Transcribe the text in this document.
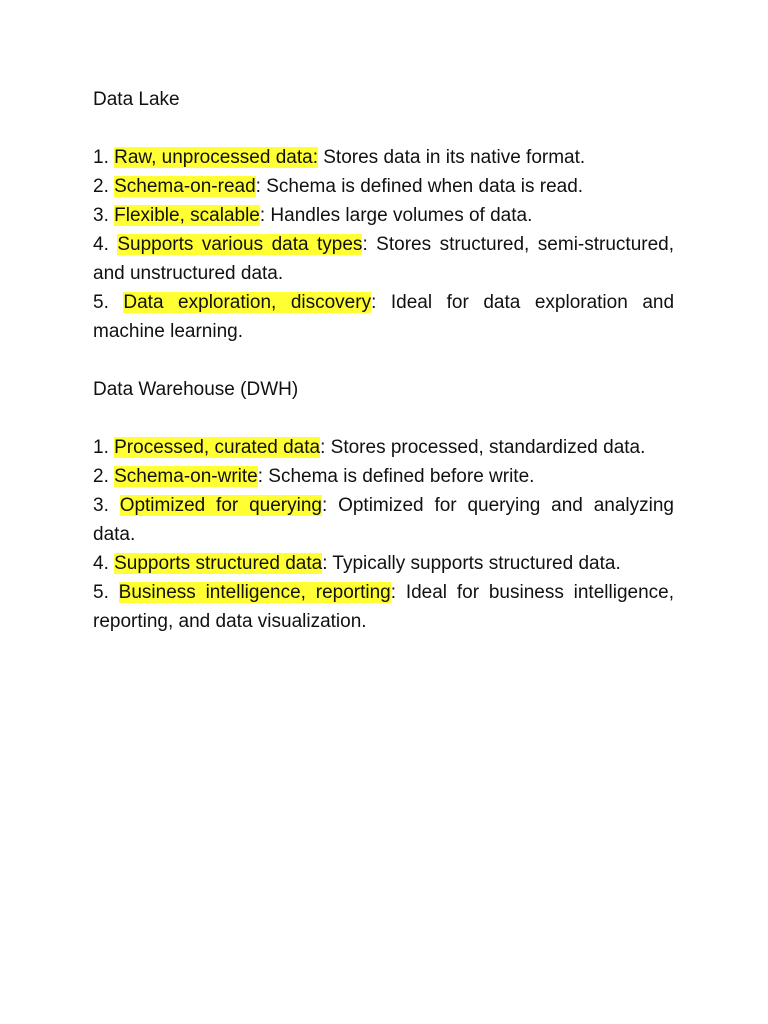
Data Lake

1. Raw, unprocessed data: Stores data in its native format.

2. Schema-on-read: Schema is defined when data is read.

3. Flexible, scalable: Handles large volumes of data.

4. Supports various data types: Stores structured, semi-structured, and unstructured data.

5. Data exploration, discovery: Ideal for data exploration and machine learning.

Data Warehouse (DWH)

1. Processed, curated data: Stores processed, standardized data.

2. Schema-on-write: Schema is defined before write.

3. Optimized for querying: Optimized for querying and analyzing data.

4. Supports structured data: Typically supports structured data.

5. Business intelligence, reporting: Ideal for business intelligence, reporting, and data visualization.
